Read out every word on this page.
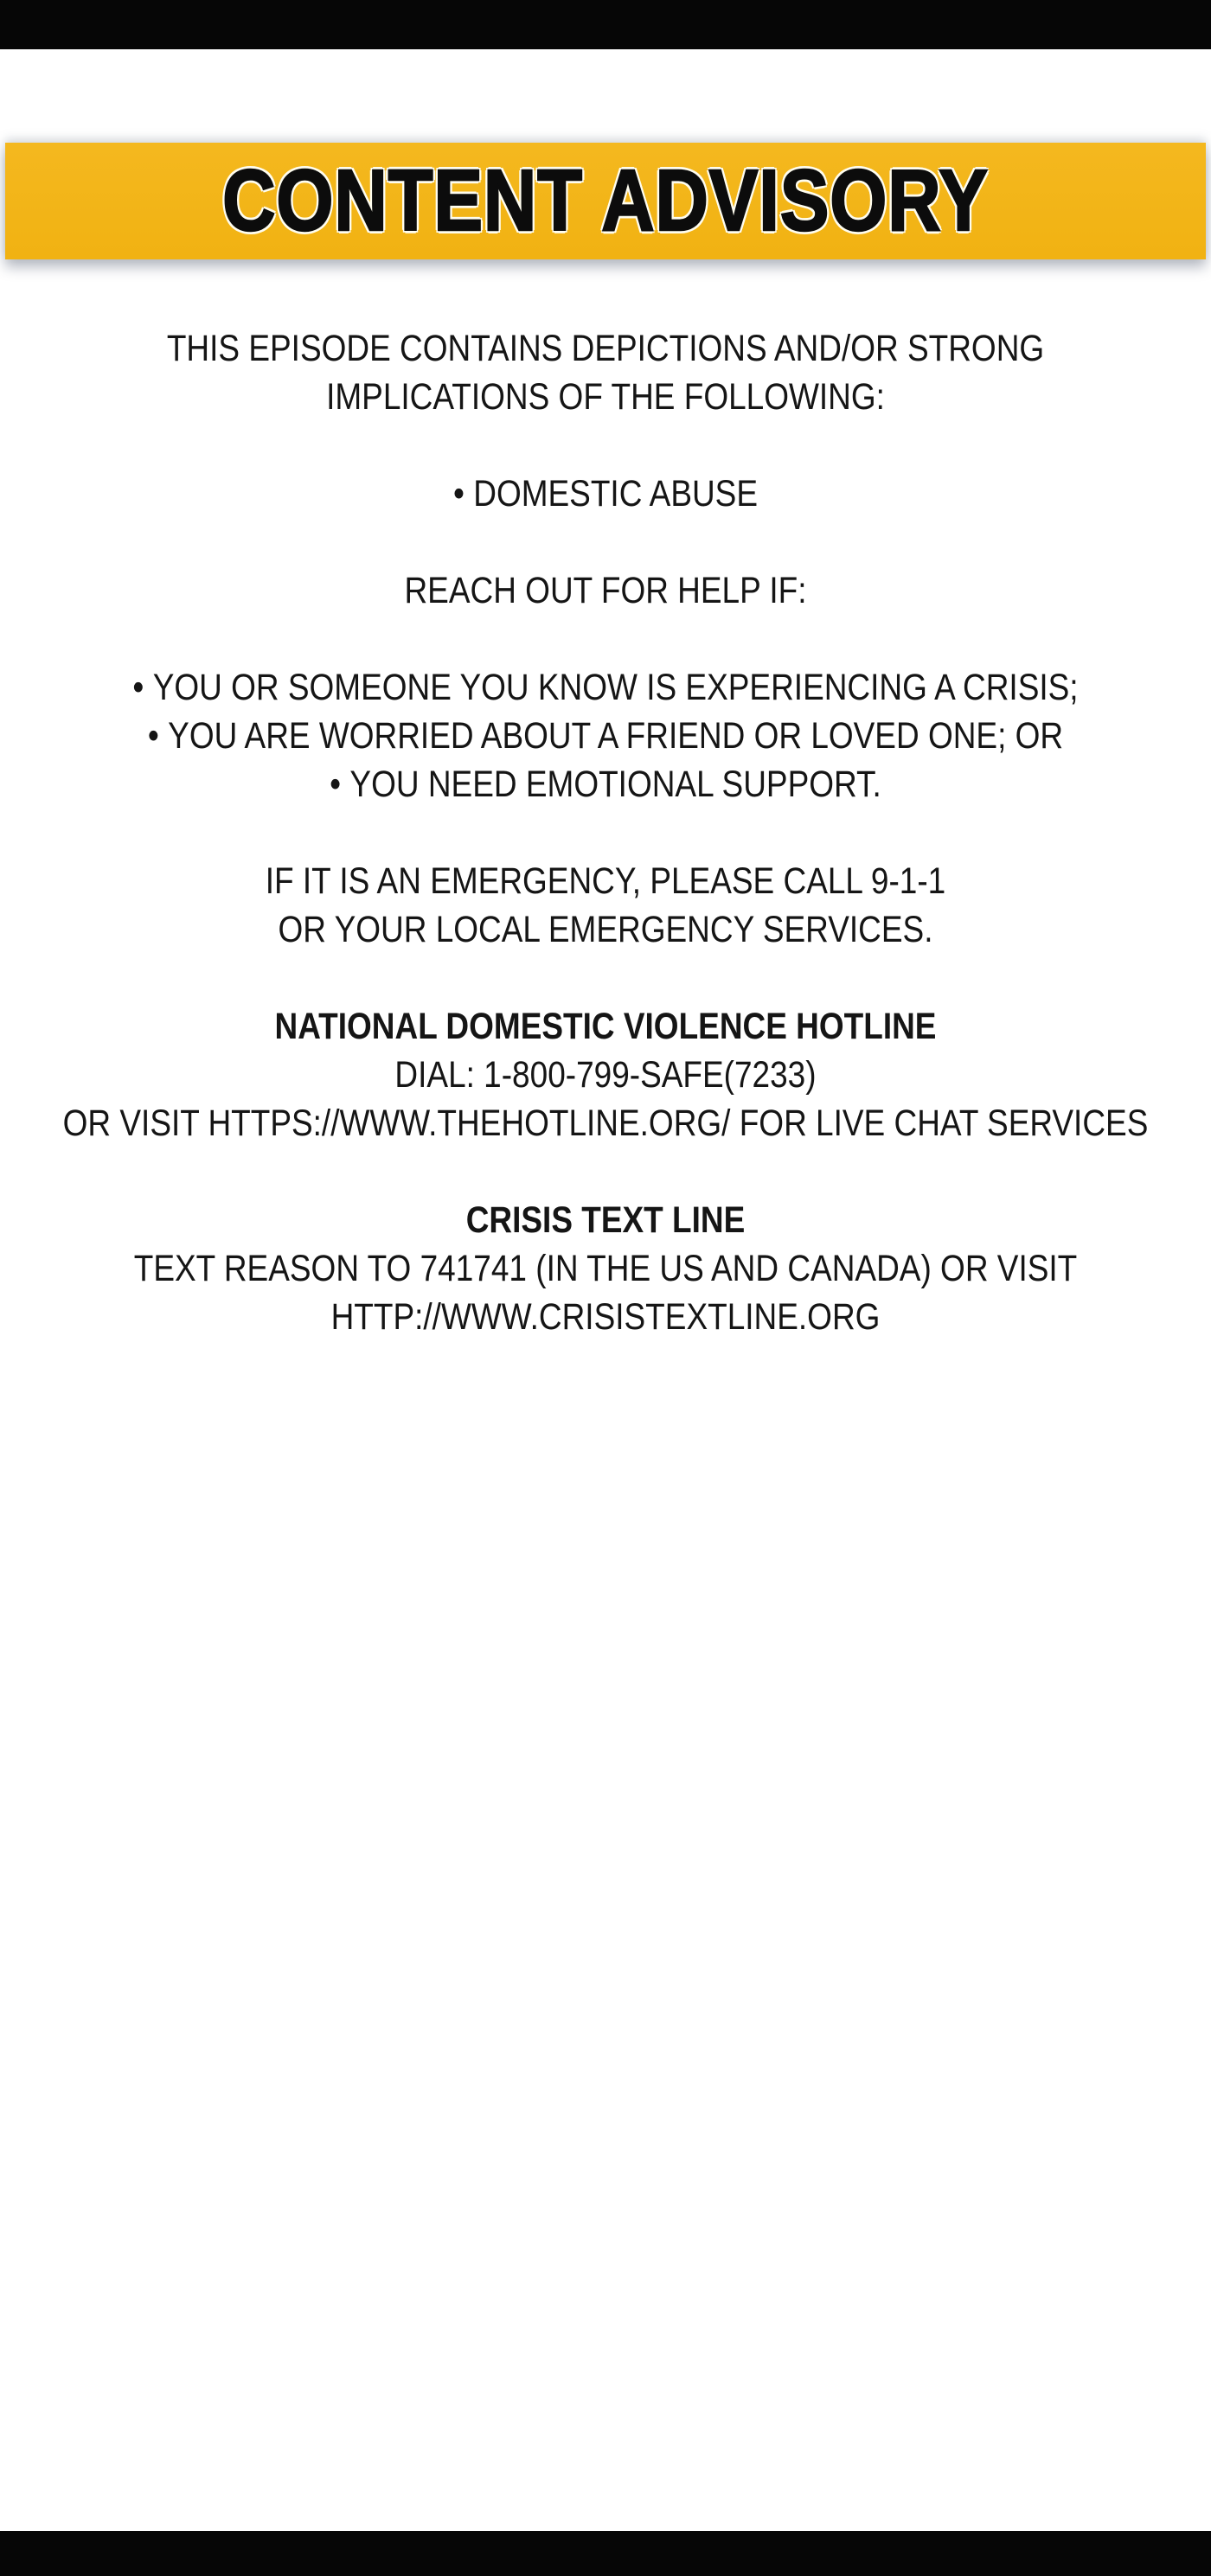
CONTENT ADVISORY
THIS EPISODE CONTAINS DEPICTIONS AND/OR STRONG
IMPLICATIONS OF THE FOLLOWING:
• DOMESTIC ABUSE
REACH OUT FOR HELP IF:
• YOU OR SOMEONE YOU KNOW IS EXPERIENCING A CRISIS;
• YOU ARE WORRIED ABOUT A FRIEND OR LOVED ONE; OR
• YOU NEED EMOTIONAL SUPPORT.
IF IT IS AN EMERGENCY, PLEASE CALL 9-1-1
OR YOUR LOCAL EMERGENCY SERVICES.
NATIONAL DOMESTIC VIOLENCE HOTLINE
DIAL: 1-800-799-SAFE(7233)
OR VISIT HTTPS://WWW.THEHOTLINE.ORG/ FOR LIVE CHAT SERVICES
CRISIS TEXT LINE
TEXT REASON TO 741741 (IN THE US AND CANADA) OR VISIT
HTTP://WWW.CRISISTEXTLINE.ORG
